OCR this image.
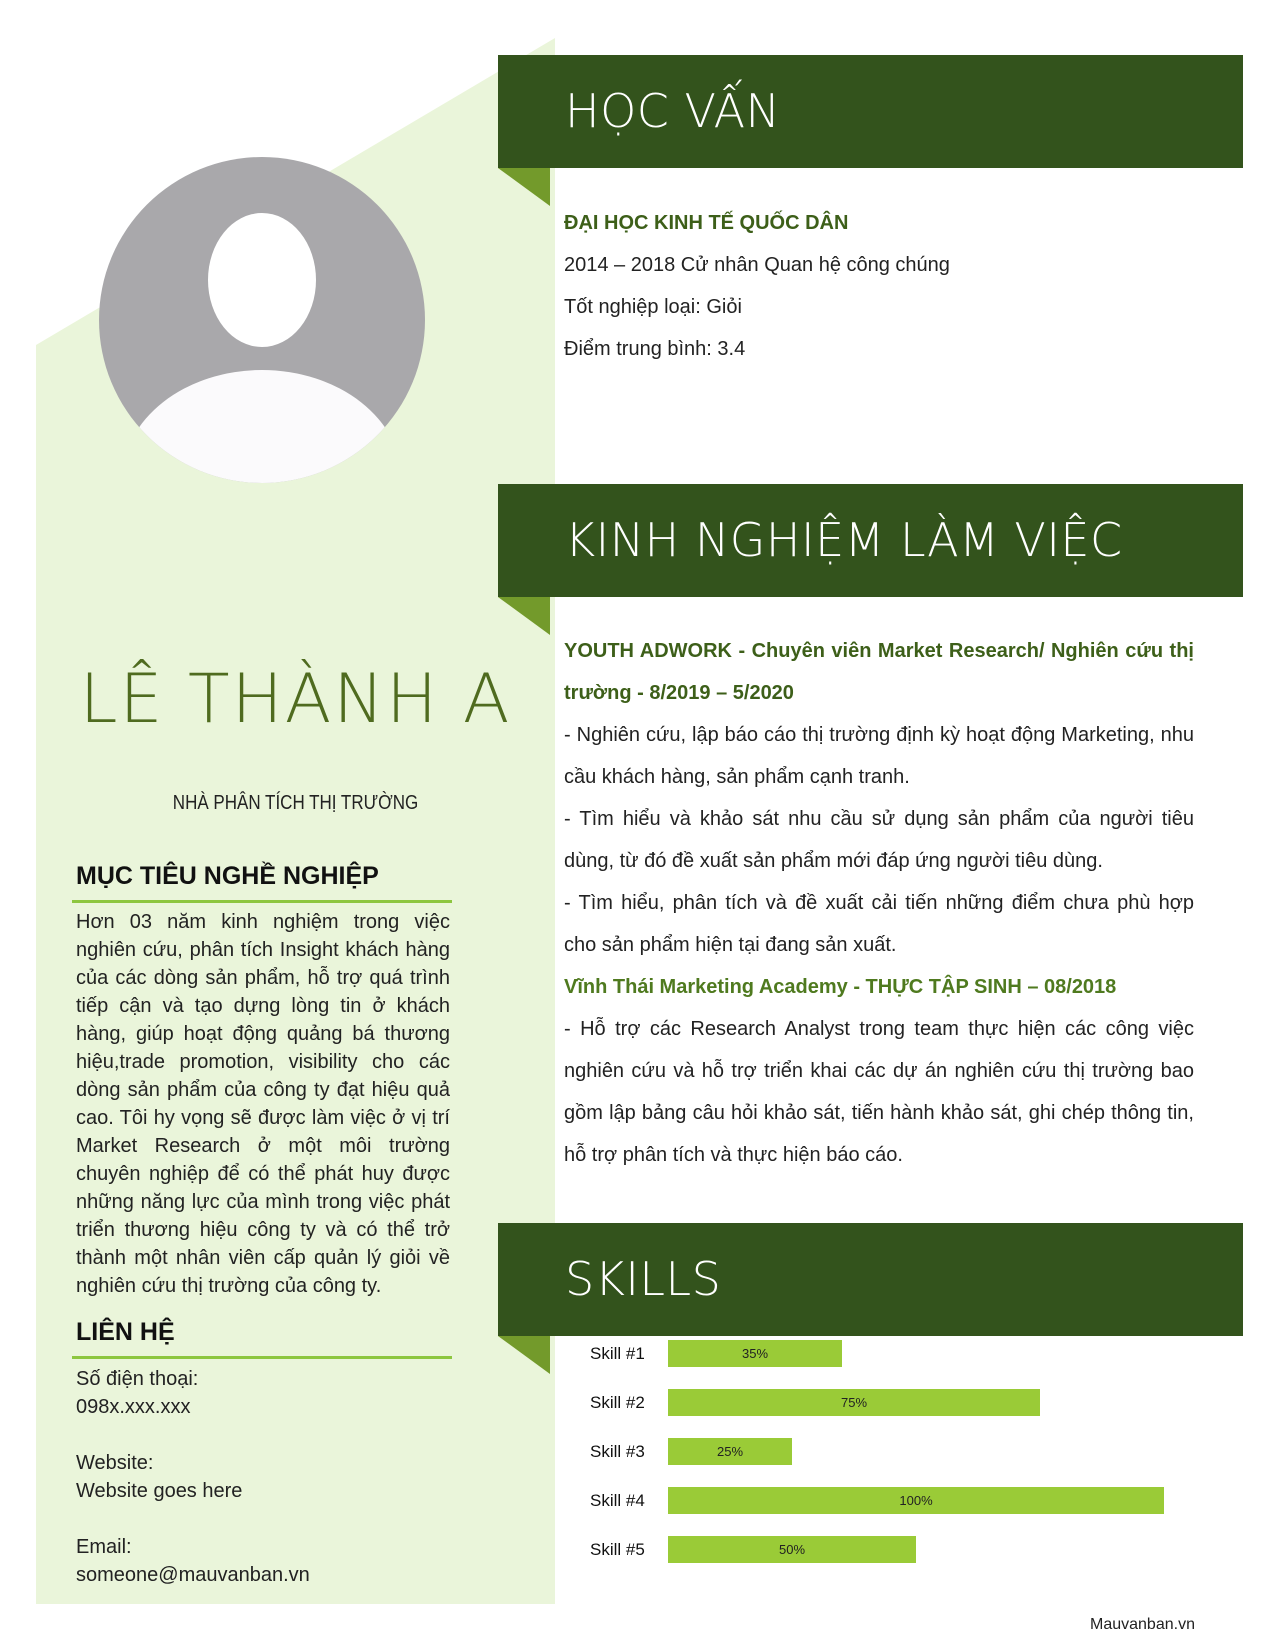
LÊ THÀNH A
NHÀ PHÂN TÍCH THỊ TRƯỜNG
MỤC TIÊU NGHỀ NGHIỆP
Hơn 03 năm kinh nghiệm trong việc nghiên cứu, phân tích Insight khách hàng của các dòng sản phẩm, hỗ trợ quá trình tiếp cận và tạo dựng lòng tin ở khách hàng, giúp hoạt động quảng bá thương hiệu,trade promotion, visibility cho các dòng sản phẩm của công ty đạt hiệu quả cao. Tôi hy vọng sẽ được làm việc ở vị trí Market Research ở một môi trường chuyên nghiệp để có thể phát huy được những năng lực của mình trong việc phát triển thương hiệu công ty và có thể trở thành một nhân viên cấp quản lý giỏi về nghiên cứu thị trường của công ty.
LIÊN HỆ
Số điện thoại:
098x.xxx.xxx
Website:
Website goes here
Email:
someone@mauvanban.vn
HỌC VẤN
ĐẠI HỌC KINH TẾ QUỐC DÂN
2014 – 2018 Cử nhân Quan hệ công chúng
Tốt nghiệp loại: Giỏi
Điểm trung bình: 3.4
KINH NGHIỆM LÀM VIỆC
YOUTH ADWORK - Chuyên viên Market Research/ Nghiên cứu thị trường - 8/2019 – 5/2020
- Nghiên cứu, lập báo cáo thị trường định kỳ hoạt động Marketing, nhu cầu khách hàng, sản phẩm cạnh tranh.
- Tìm hiểu và khảo sát nhu cầu sử dụng sản phẩm của người tiêu dùng, từ đó đề xuất sản phẩm mới đáp ứng người tiêu dùng.
- Tìm hiểu, phân tích và đề xuất cải tiến những điểm chưa phù hợp cho sản phẩm hiện tại đang sản xuất.
Vĩnh Thái Marketing Academy - THỰC TẬP SINH – 08/2018
- Hỗ trợ các Research Analyst trong team thực hiện các công việc nghiên cứu và hỗ trợ triển khai các dự án nghiên cứu thị trường bao gồm lập bảng câu hỏi khảo sát, tiến hành khảo sát, ghi chép thông tin, hỗ trợ phân tích và thực hiện báo cáo.
SKILLS
Skill #1	35%
Skill #2	75%
Skill #3	25%
Skill #4	100%
Skill #5	50%
Mauvanban.vn
